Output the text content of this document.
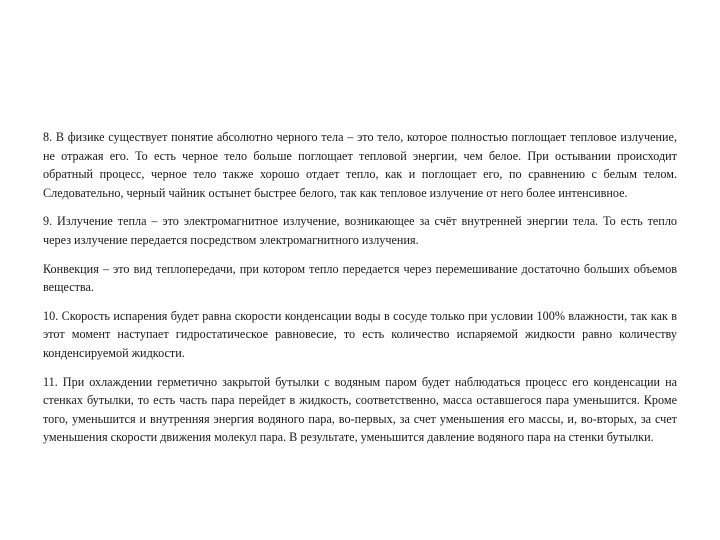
8. В физике существует понятие абсолютно черного тела – это тело, которое полностью поглощает тепловое излучение, не отражая его. То есть черное тело больше поглощает тепловой энергии, чем белое. При остывании происходит обратный процесс, черное тело также хорошо отдает тепло, как и поглощает его, по сравнению с белым телом. Следовательно, черный чайник остынет быстрее белого, так как тепловое излучение от него более интенсивное.

9. Излучение тепла – это электромагнитное излучение, возникающее за счёт внутренней энергии тела. То есть тепло через излучение передается посредством электромагнитного излучения.

Конвекция – это вид теплопередачи, при котором тепло передается через перемешивание достаточно больших объемов вещества.

10. Скорость испарения будет равна скорости конденсации воды в сосуде только при условии 100% влажности, так как в этот момент наступает гидростатическое равновесие, то есть количество испаряемой жидкости равно количеству конденсируемой жидкости.

11. При охлаждении герметично закрытой бутылки с водяным паром будет наблюдаться процесс его конденсации на стенках бутылки, то есть часть пара перейдет в жидкость, соответственно, масса оставшегося пара уменьшится. Кроме того, уменьшится и внутренняя энергия водяного пара, во-первых, за счет уменьшения его массы, и, во-вторых, за счет уменьшения скорости движения молекул пара. В результате, уменьшится давление водяного пара на стенки бутылки.
